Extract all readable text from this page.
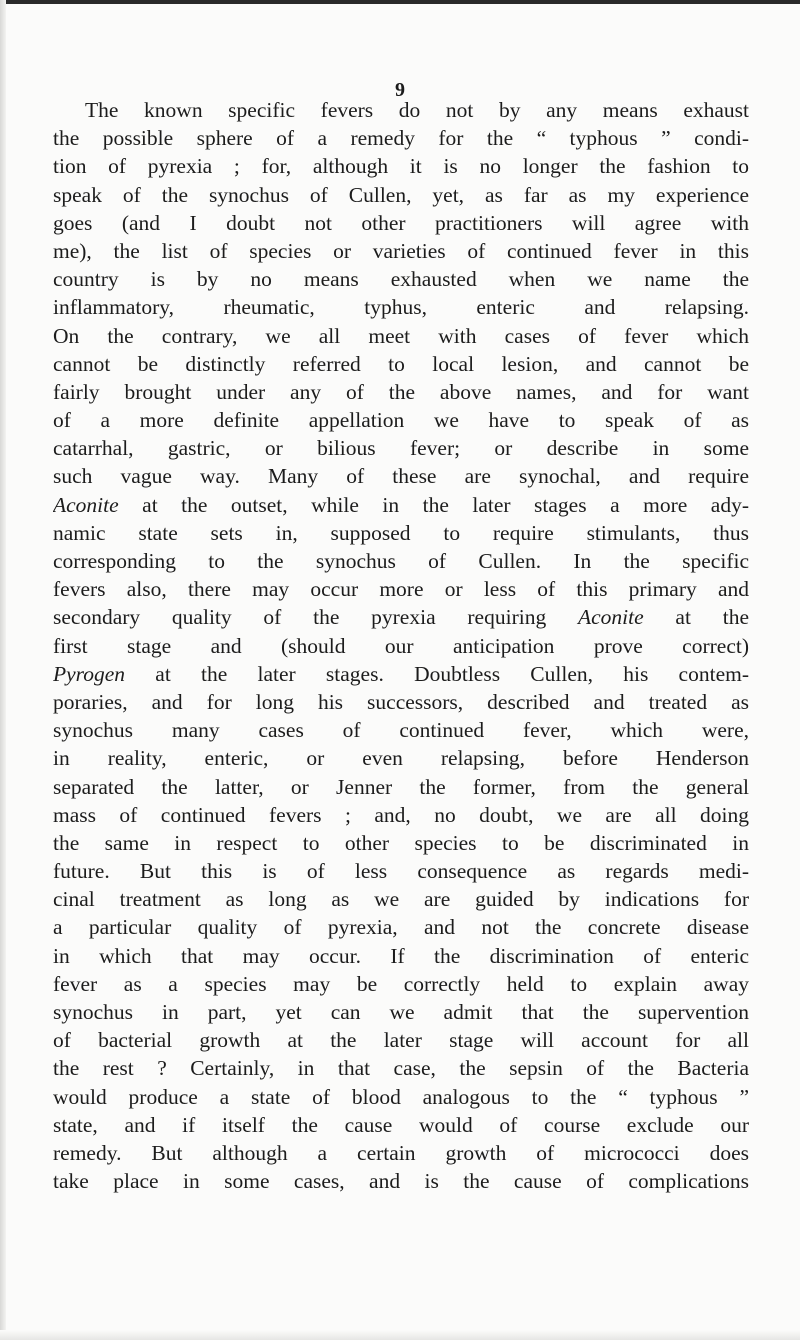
9
The known specific fevers do not by any means exhaust
the possible sphere of a remedy for the “ typhous ” condi-
tion of pyrexia ; for, although it is no longer the fashion to
speak of the synochus of Cullen, yet, as far as my experience
goes (and I doubt not other practitioners will agree with
me), the list of species or varieties of continued fever in this
country is by no means exhausted when we name the
inflammatory, rheumatic, typhus, enteric and relapsing.
On the contrary, we all meet with cases of fever which
cannot be distinctly referred to local lesion, and cannot be
fairly brought under any of the above names, and for want
of a more definite appellation we have to speak of as
catarrhal, gastric, or bilious fever; or describe in some
such vague way. Many of these are synochal, and require
Aconite at the outset, while in the later stages a more ady-
namic state sets in, supposed to require stimulants, thus
corresponding to the synochus of Cullen. In the specific
fevers also, there may occur more or less of this primary and
secondary quality of the pyrexia requiring Aconite at the
first stage and (should our anticipation prove correct)
Pyrogen at the later stages. Doubtless Cullen, his contem-
poraries, and for long his successors, described and treated as
synochus many cases of continued fever, which were,
in reality, enteric, or even relapsing, before Henderson
separated the latter, or Jenner the former, from the general
mass of continued fevers ; and, no doubt, we are all doing
the same in respect to other species to be discriminated in
future. But this is of less consequence as regards medi-
cinal treatment as long as we are guided by indications for
a particular quality of pyrexia, and not the concrete disease
in which that may occur. If the discrimination of enteric
fever as a species may be correctly held to explain away
synochus in part, yet can we admit that the supervention
of bacterial growth at the later stage will account for all
the rest ? Certainly, in that case, the sepsin of the Bacteria
would produce a state of blood analogous to the “ typhous ”
state, and if itself the cause would of course exclude our
remedy. But although a certain growth of micrococci does
take place in some cases, and is the cause of complications
